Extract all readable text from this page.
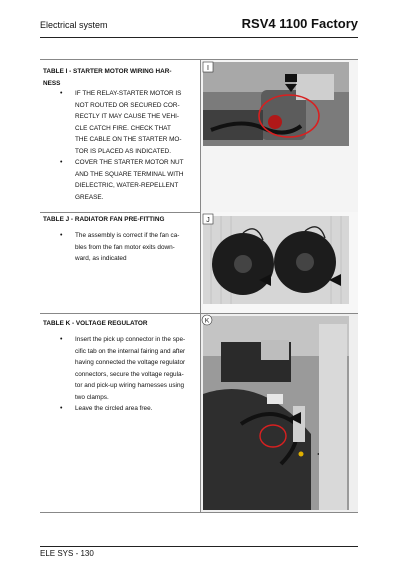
Electrical system	RSV4 1100 Factory
TABLE I - STARTER MOTOR WIRING HAR-
NESS
• IF THE RELAY-STARTER MOTOR IS
NOT ROUTED OR SECURED COR-
RECTLY IT MAY CAUSE THE VEHI-
CLE CATCH FIRE. CHECK THAT
THE CABLE ON THE STARTER MO-
TOR IS PLACED AS INDICATED.
• COVER THE STARTER MOTOR NUT
AND THE SQUARE TERMINAL WITH
DIELECTRIC, WATER-REPELLENT
GREASE.
I
TABLE J - RADIATOR FAN PRE-FITTING
• The assembly is correct if the fan ca-
bles from the fan motor exits down-
ward, as indicated
J
TABLE K - VOLTAGE REGULATOR
• Insert the pick up connector in the spe-
cific tab on the internal fairing and after
having connected the voltage regulator
connectors, secure the voltage regula-
tor and pick-up wiring harnesses using
two clamps.
• Leave the circled area free.
K
ELE SYS - 130
